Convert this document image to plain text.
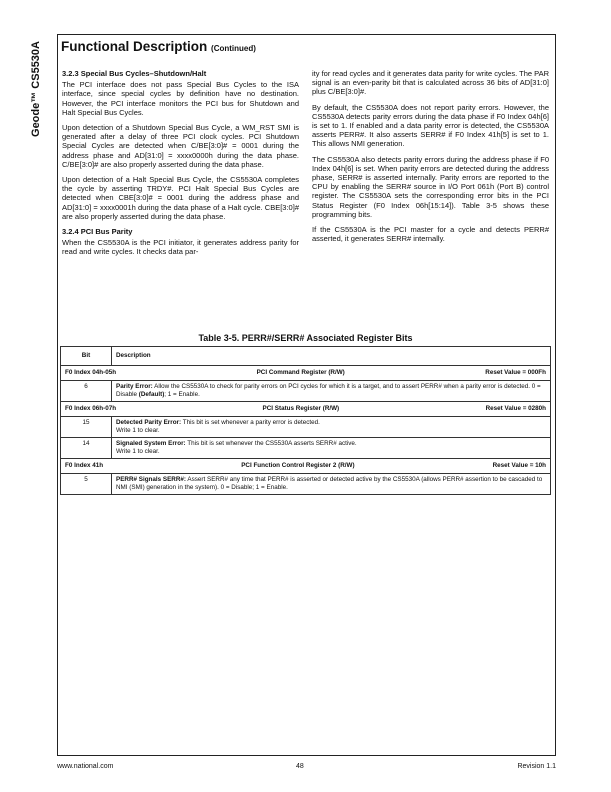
Geode™ CS5530A Functional Description (Continued)
3.2.3 Special Bus Cycles–Shutdown/Halt

The PCI interface does not pass Special Bus Cycles to the ISA interface, since special cycles by definition have no destination. However, the PCI interface monitors the PCI bus for Shutdown and Halt Special Bus Cycles.

Upon detection of a Shutdown Special Bus Cycle, a WM_RST SMI is generated after a delay of three PCI clock cycles. PCI Shutdown Special Cycles are detected when C/BE[3:0]# = 0001 during the address phase and AD[31:0] = xxxx0000h during the data phase. C/BE[3:0]# are also properly asserted during the data phase.

Upon detection of a Halt Special Bus Cycle, the CS5530A completes the cycle by asserting TRDY#. PCI Halt Special Bus Cycles are detected when CBE[3:0]# = 0001 during the address phase and AD[31:0] = xxxx0001h during the data phase of a Halt cycle. CBE[3:0]# are also properly asserted during the data phase.

3.2.4 PCI Bus Parity

When the CS5530A is the PCI initiator, it generates address parity for read and write cycles. It checks data par-

ity for read cycles and it generates data parity for write cycles. The PAR signal is an even-parity bit that is calculated across 36 bits of AD[31:0] plus C/BE[3:0]#.

By default, the CS5530A does not report parity errors. However, the CS5530A detects parity errors during the data phase if F0 Index 04h[6] is set to 1. If enabled and a data parity error is detected, the CS5530A asserts PERR#. It also asserts SERR# if F0 Index 41h[5] is set to 1. This allows NMI generation.

The CS5530A also detects parity errors during the address phase if F0 Index 04h[6] is set. When parity errors are detected during the address phase, SERR# is asserted internally. Parity errors are reported to the CPU by enabling the SERR# source in I/O Port 061h (Port B) control register. The CS5530A sets the corresponding error bits in the PCI Status Register (F0 Index 06h[15:14]). Table 3-5 shows these programming bits.

If the CS5530A is the PCI master for a cycle and detects PERR# asserted, it generates SERR# internally.

Table 3-5. PERR#/SERR# Associated Register Bits
Bit	Description

F0 Index 04h-05h PCI Command Register (R/W) Reset Value = 000Fh	

6	Parity Error: Allow the CS5530A to check for parity errors on PCI cycles for which it is a target, and to assert PERR# when a parity error is detected. 0 = Disable (Default); 1 = Enable.

F0 Index 06h-07h PCI Status Register (R/W) Reset Value = 0280h	

15	Detected Parity Error: This bit is set whenever a parity error is detected.
Write 1 to clear.
14	Signaled System Error: This bit is set whenever the CS5530A asserts SERR# active.
Write 1 to clear.

F0 Index 41h PCI Function Control Register 2 (R/W) Reset Value = 10h	

5	PERR# Signals SERR#: Assert SERR# any time that PERR# is asserted or detected active by the CS5530A (allows PERR# assertion to be cascaded to NMI (SMI) generation in the system). 0 = Disable; 1 = Enable.
www.national.com	48	Revision 1.1
